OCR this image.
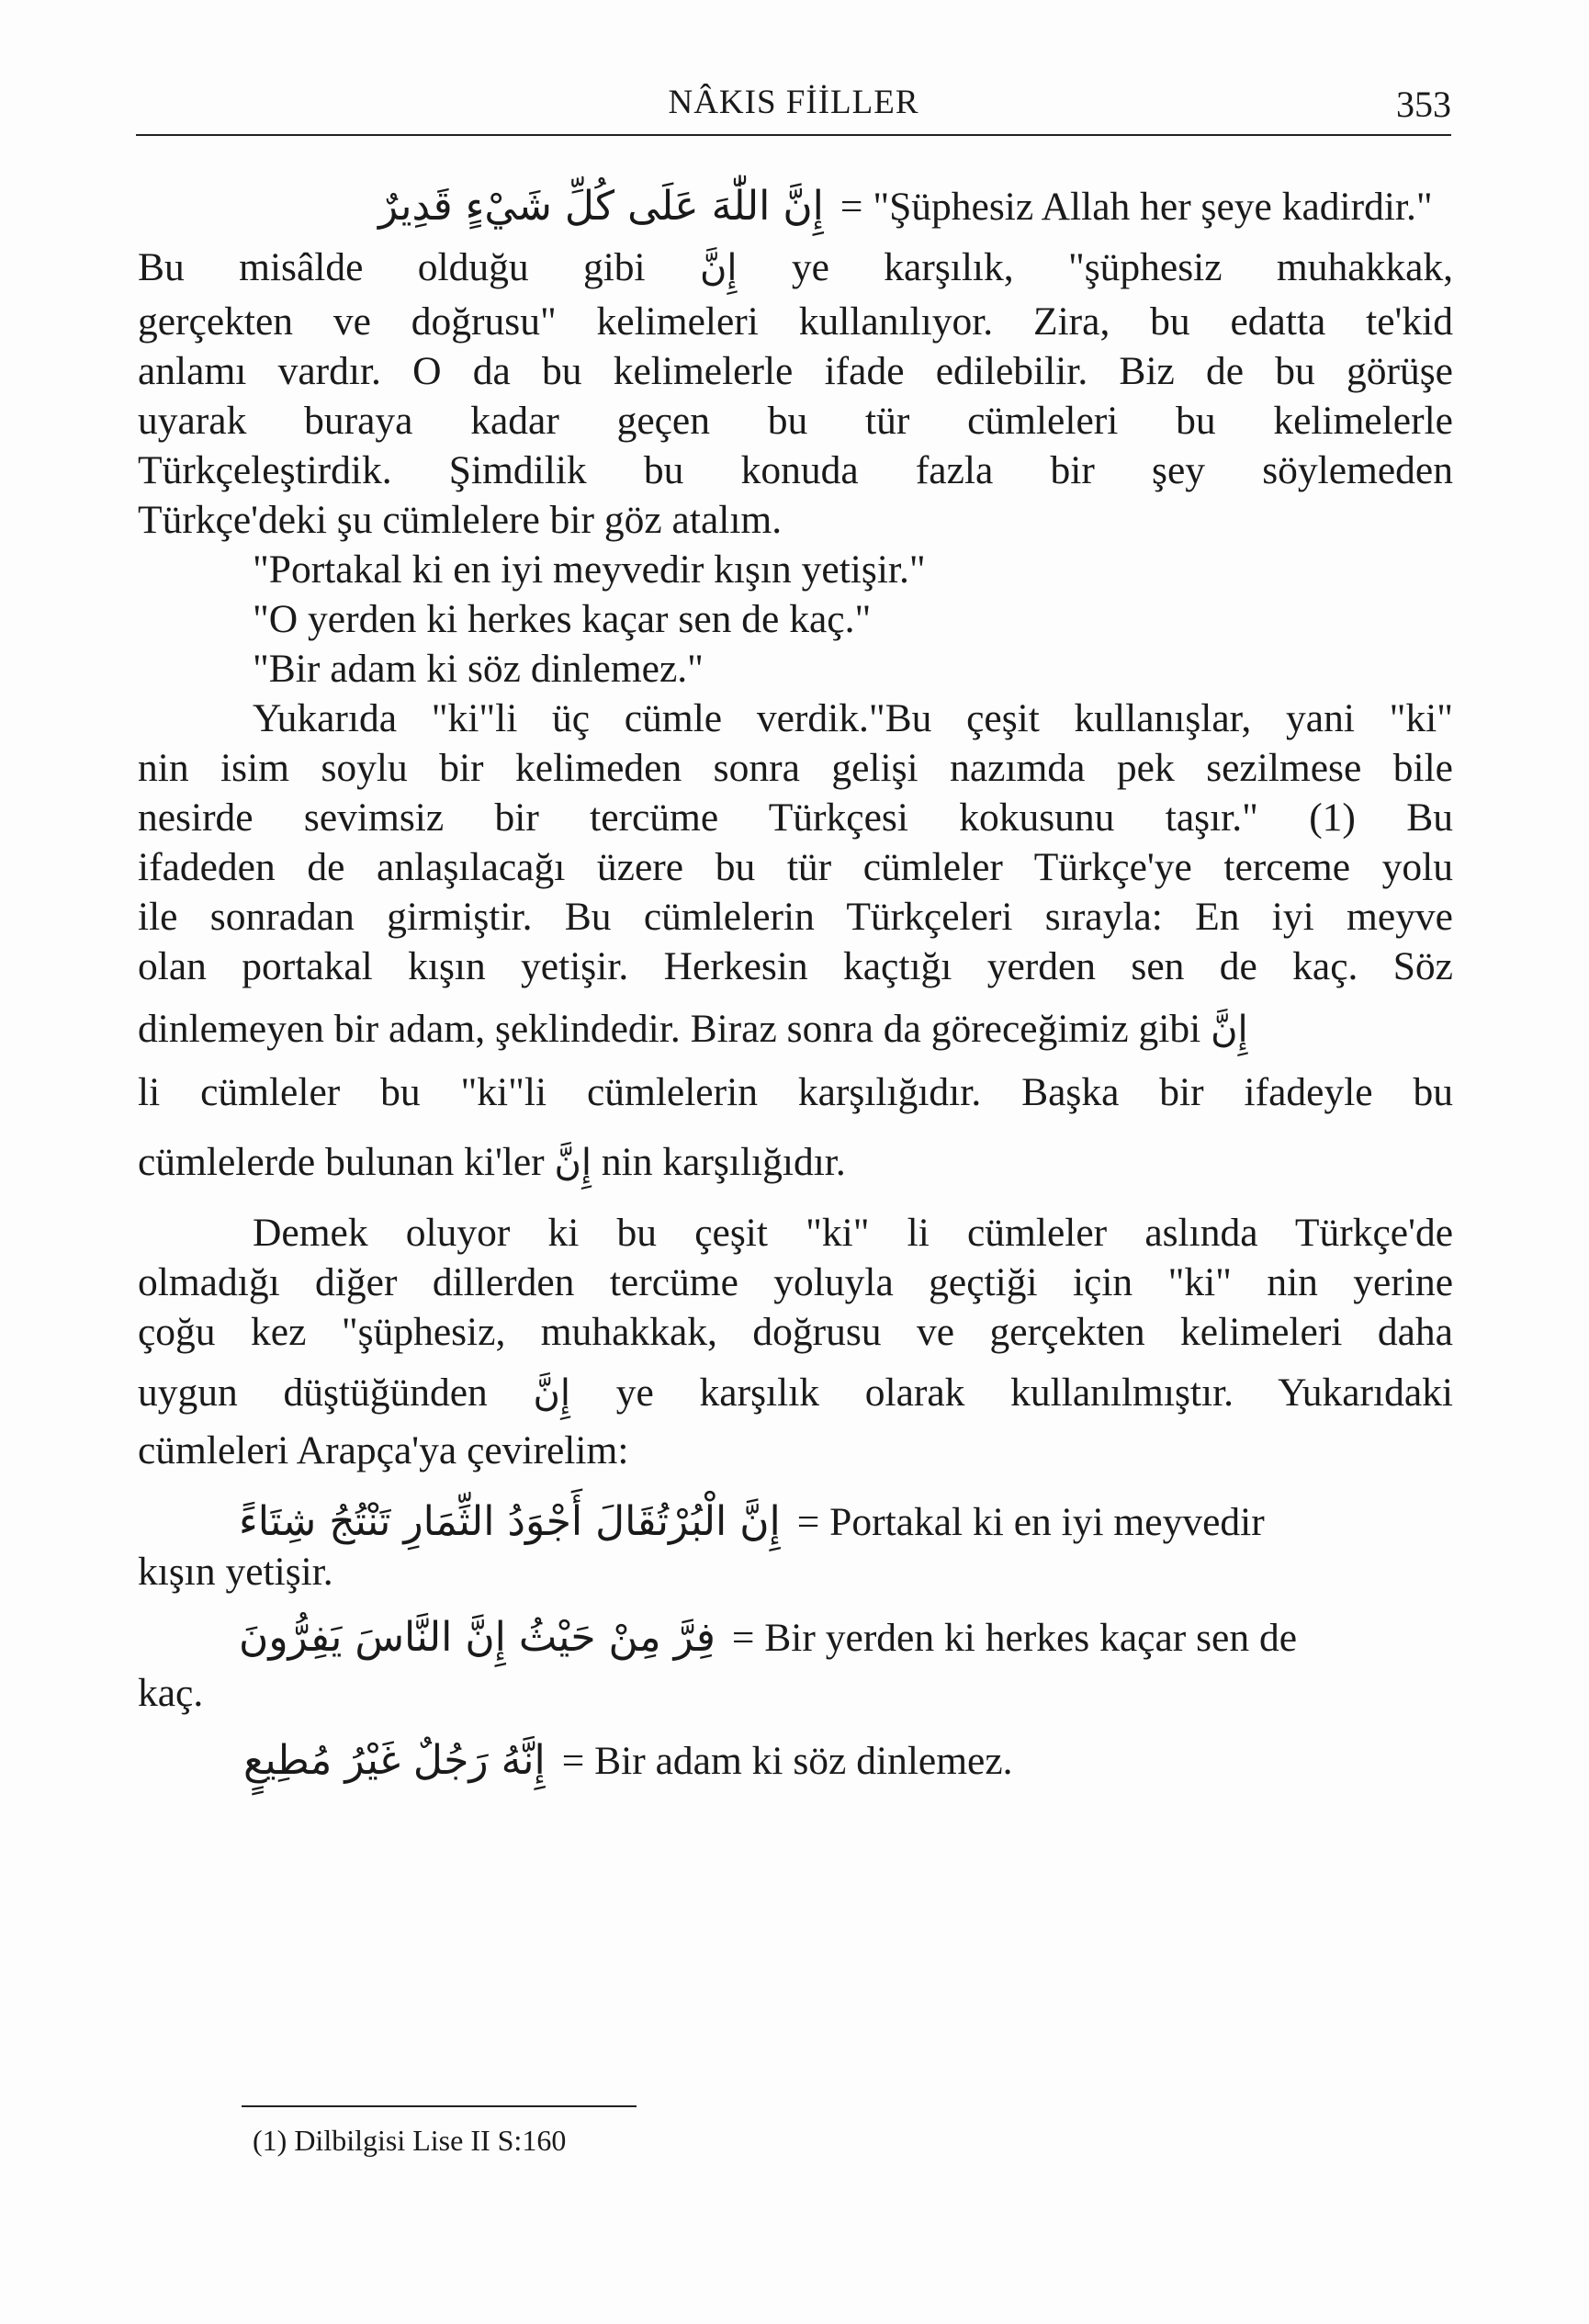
NÂKIS FİİLLER	353
إِنَّ اللّٰهَ عَلَى كُلِّ شَيْءٍ قَدِيرٌ = "Şüphesiz Allah her şeye kadirdir."
Bu misâlde olduğu gibi إِنَّ ye karşılık, "şüphesiz muhakkak,
gerçekten ve doğrusu" kelimeleri kullanılıyor. Zira, bu edatta te'kid
anlamı vardır. O da bu kelimelerle ifade edilebilir. Biz de bu görüşe
uyarak buraya kadar geçen bu tür cümleleri bu kelimelerle
Türkçeleştirdik. Şimdilik bu konuda fazla bir şey söylemeden
Türkçe'deki şu cümlelere bir göz atalım.
"Portakal ki en iyi meyvedir kışın yetişir."
"O yerden ki herkes kaçar sen de kaç."
"Bir adam ki söz dinlemez."
Yukarıda "ki"li üç cümle verdik."Bu çeşit kullanışlar, yani "ki"
nin isim soylu bir kelimeden sonra gelişi nazımda pek sezilmese bile
nesirde sevimsiz bir tercüme Türkçesi kokusunu taşır." (1) Bu
ifadeden de anlaşılacağı üzere bu tür cümleler Türkçe'ye terceme yolu
ile sonradan girmiştir. Bu cümlelerin Türkçeleri sırayla: En iyi meyve
olan portakal kışın yetişir. Herkesin kaçtığı yerden sen de kaç. Söz
dinlemeyen bir adam, şeklindedir. Biraz sonra da göreceğimiz gibi إِنَّ
li cümleler bu "ki"li cümlelerin karşılığıdır. Başka bir ifadeyle bu
cümlelerde bulunan ki'ler إِنَّ nin karşılığıdır.
Demek oluyor ki bu çeşit "ki" li cümleler aslında Türkçe'de
olmadığı diğer dillerden tercüme yoluyla geçtiği için "ki" nin yerine
çoğu kez "şüphesiz, muhakkak, doğrusu ve gerçekten kelimeleri daha
uygun düştüğünden إِنَّ ye karşılık olarak kullanılmıştır. Yukarıdaki
cümleleri Arapça'ya çevirelim:
إِنَّ الْبُرْتُقَالَ أَجْوَدُ الثِّمَارِ تَنْتُجُ شِتَاءً = Portakal ki en iyi meyvedir
kışın yetişir.
فِرَّ مِنْ حَيْثُ إِنَّ النَّاسَ يَفِرُّونَ = Bir yerden ki herkes kaçar sen de
kaç.
إِنَّهُ رَجُلٌ غَيْرُ مُطِيعٍ = Bir adam ki söz dinlemez.
(1) Dilbilgisi Lise II S:160
